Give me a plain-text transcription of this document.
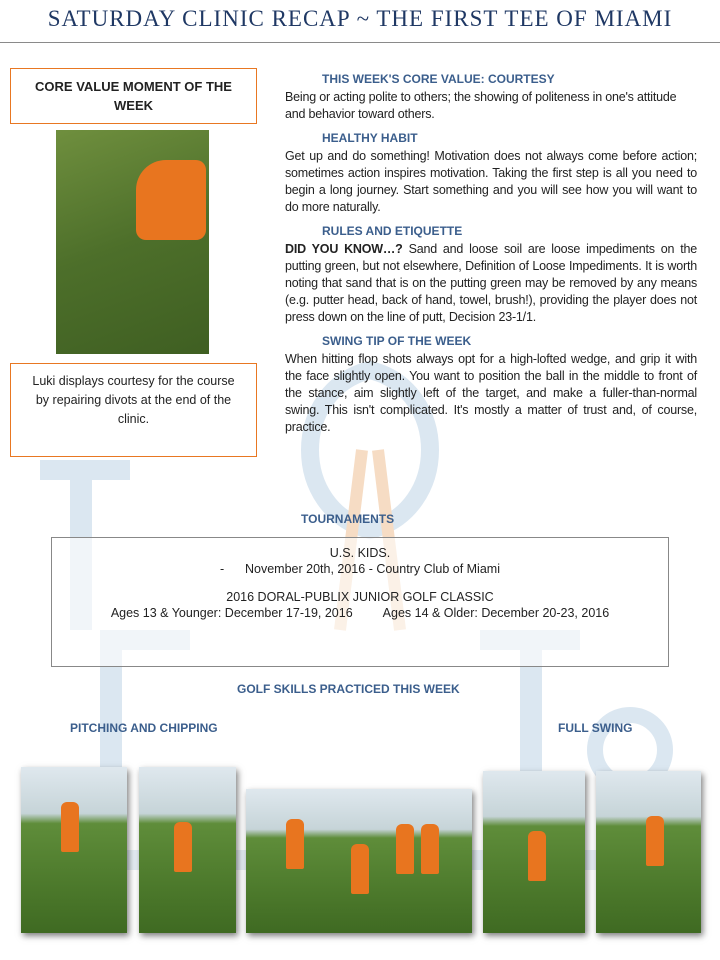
SATURDAY CLINIC RECAP ~ THE FIRST TEE OF MIAMI
CORE VALUE MOMENT OF THE WEEK
Luki displays courtesy for the course by repairing divots at the end of the clinic.
THIS WEEK'S CORE VALUE: COURTESY
Being or acting polite to others; the showing of politeness in one's attitude and behavior toward others.
HEALTHY HABIT
Get up and do something! Motivation does not always come before action; sometimes action inspires motivation. Taking the first step is all you need to begin a long journey. Start something and you will see how you will want to do more naturally.
RULES AND ETIQUETTE
DID YOU KNOW…? Sand and loose soil are loose impediments on the putting green, but not elsewhere, Definition of Loose Impediments. It is worth noting that sand that is on the putting green may be removed by any means (e.g. putter head, back of hand, towel, brush!), providing the player does not press down on the line of putt, Decision 23-1/1.
SWING TIP OF THE WEEK
When hitting flop shots always opt for a high-lofted wedge, and grip it with the face slightly open. You want to position the ball in the middle to front of the stance, aim slightly left of the target, and make a fuller-than-normal swing. This isn't complicated. It's mostly a matter of trust and, of course, practice.
TOURNAMENTS
U.S. KIDS.
-      November 20th, 2016 - Country Club of Miami
2016 DORAL-PUBLIX JUNIOR GOLF CLASSIC
Ages 13 & Younger: December 17-19, 2016 Ages 14 & Older: December 20-23, 2016
GOLF SKILLS PRACTICED THIS WEEK
PITCHING AND CHIPPING	FULL SWING
